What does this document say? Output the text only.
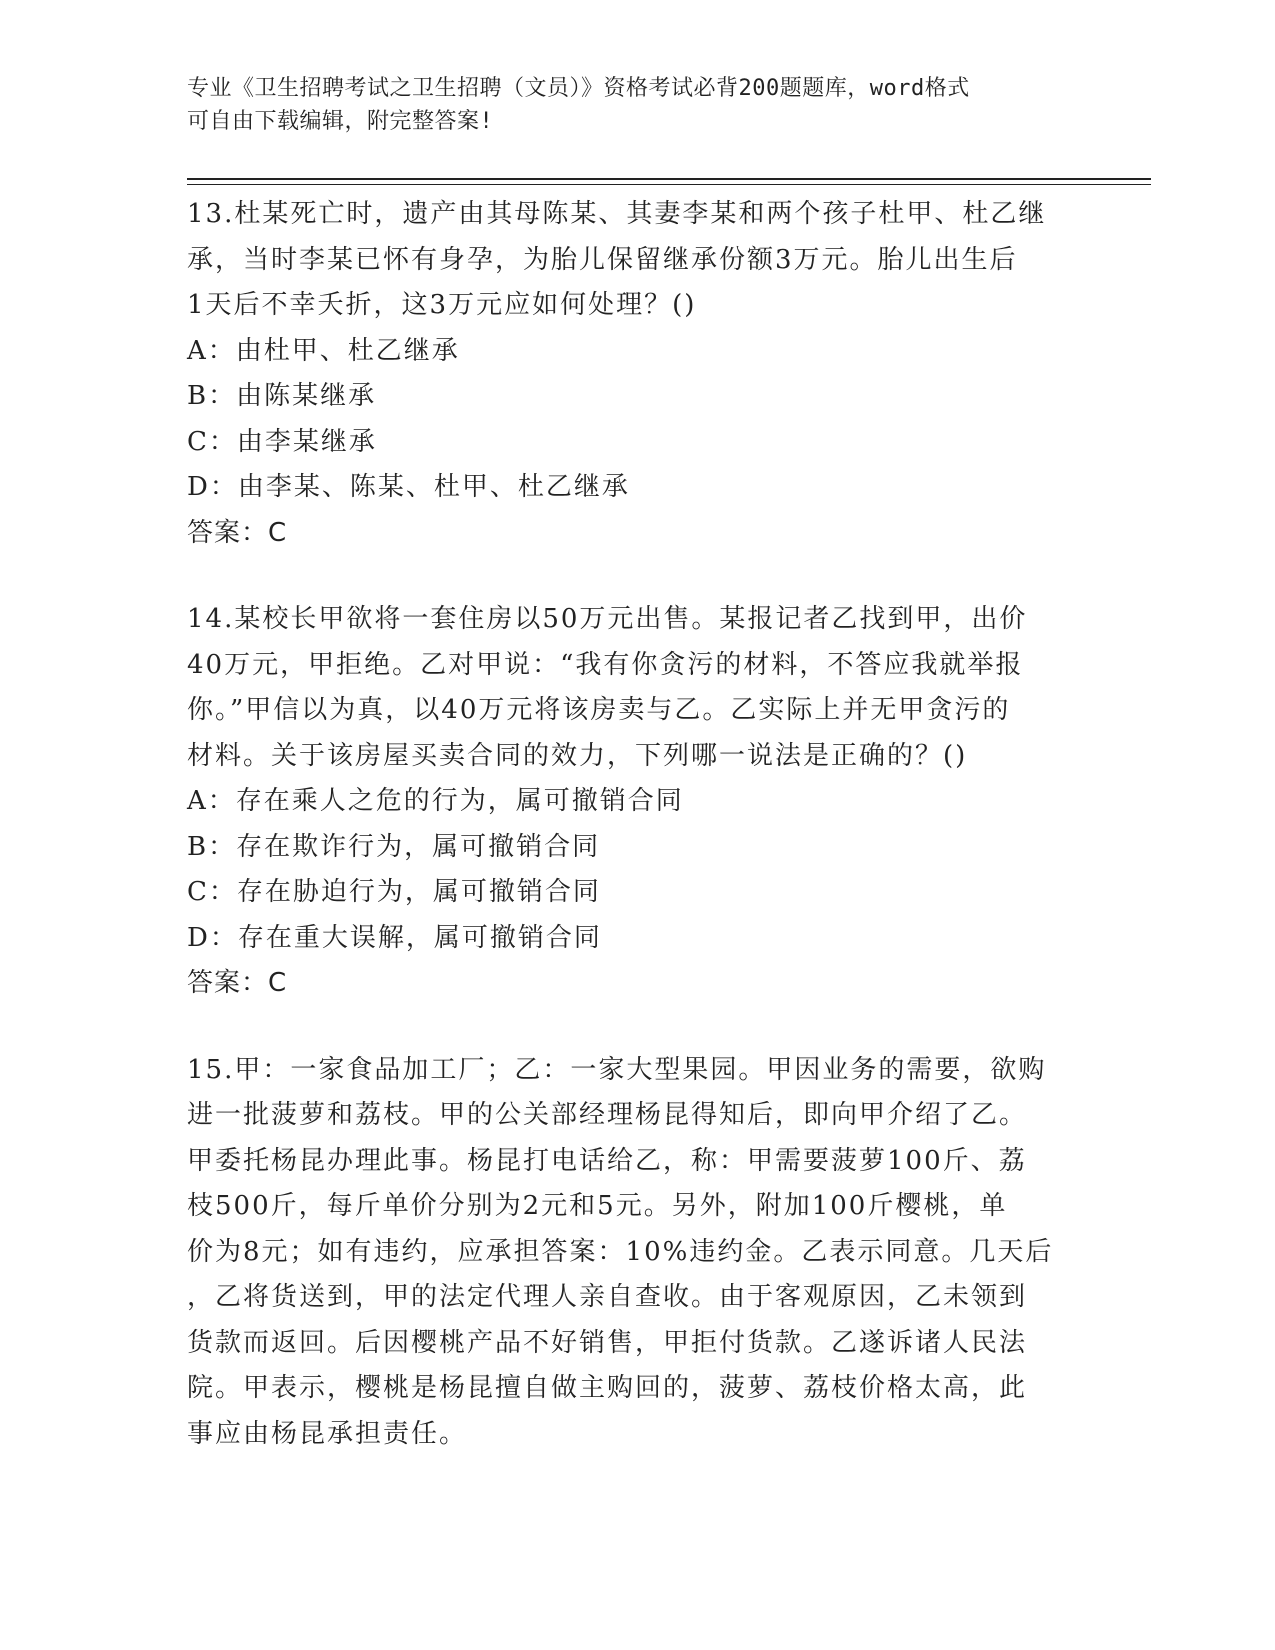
专业《卫生招聘考试之卫生招聘（文员）》资格考试必背200题题库，word格式
可自由下载编辑，附完整答案!
13.杜某死亡时，遗产由其母陈某、其妻李某和两个孩子杜甲、杜乙继
承，当时李某已怀有身孕，为胎儿保留继承份额3万元。胎儿出生后
1天后不幸夭折，这3万元应如何处理？()
A：由杜甲、杜乙继承
B：由陈某继承
C：由李某继承
D：由李某、陈某、杜甲、杜乙继承
答案：C
14.某校长甲欲将一套住房以50万元出售。某报记者乙找到甲，出价
40万元，甲拒绝。乙对甲说：“我有你贪污的材料，不答应我就举报
你。”甲信以为真，以40万元将该房卖与乙。乙实际上并无甲贪污的
材料。关于该房屋买卖合同的效力，下列哪一说法是正确的？()
A：存在乘人之危的行为，属可撤销合同
B：存在欺诈行为，属可撤销合同
C：存在胁迫行为，属可撤销合同
D：存在重大误解，属可撤销合同
答案：C
15.甲：一家食品加工厂；乙：一家大型果园。甲因业务的需要，欲购
进一批菠萝和荔枝。甲的公关部经理杨昆得知后，即向甲介绍了乙。
甲委托杨昆办理此事。杨昆打电话给乙，称：甲需要菠萝100斤、荔
枝500斤，每斤单价分别为2元和5元。另外，附加100斤樱桃，单
价为8元；如有违约，应承担答案：10%违约金。乙表示同意。几天后
，乙将货送到，甲的法定代理人亲自查收。由于客观原因，乙未领到
货款而返回。后因樱桃产品不好销售，甲拒付货款。乙遂诉诸人民法
院。甲表示，樱桃是杨昆擅自做主购回的，菠萝、荔枝价格太高，此
事应由杨昆承担责任。
